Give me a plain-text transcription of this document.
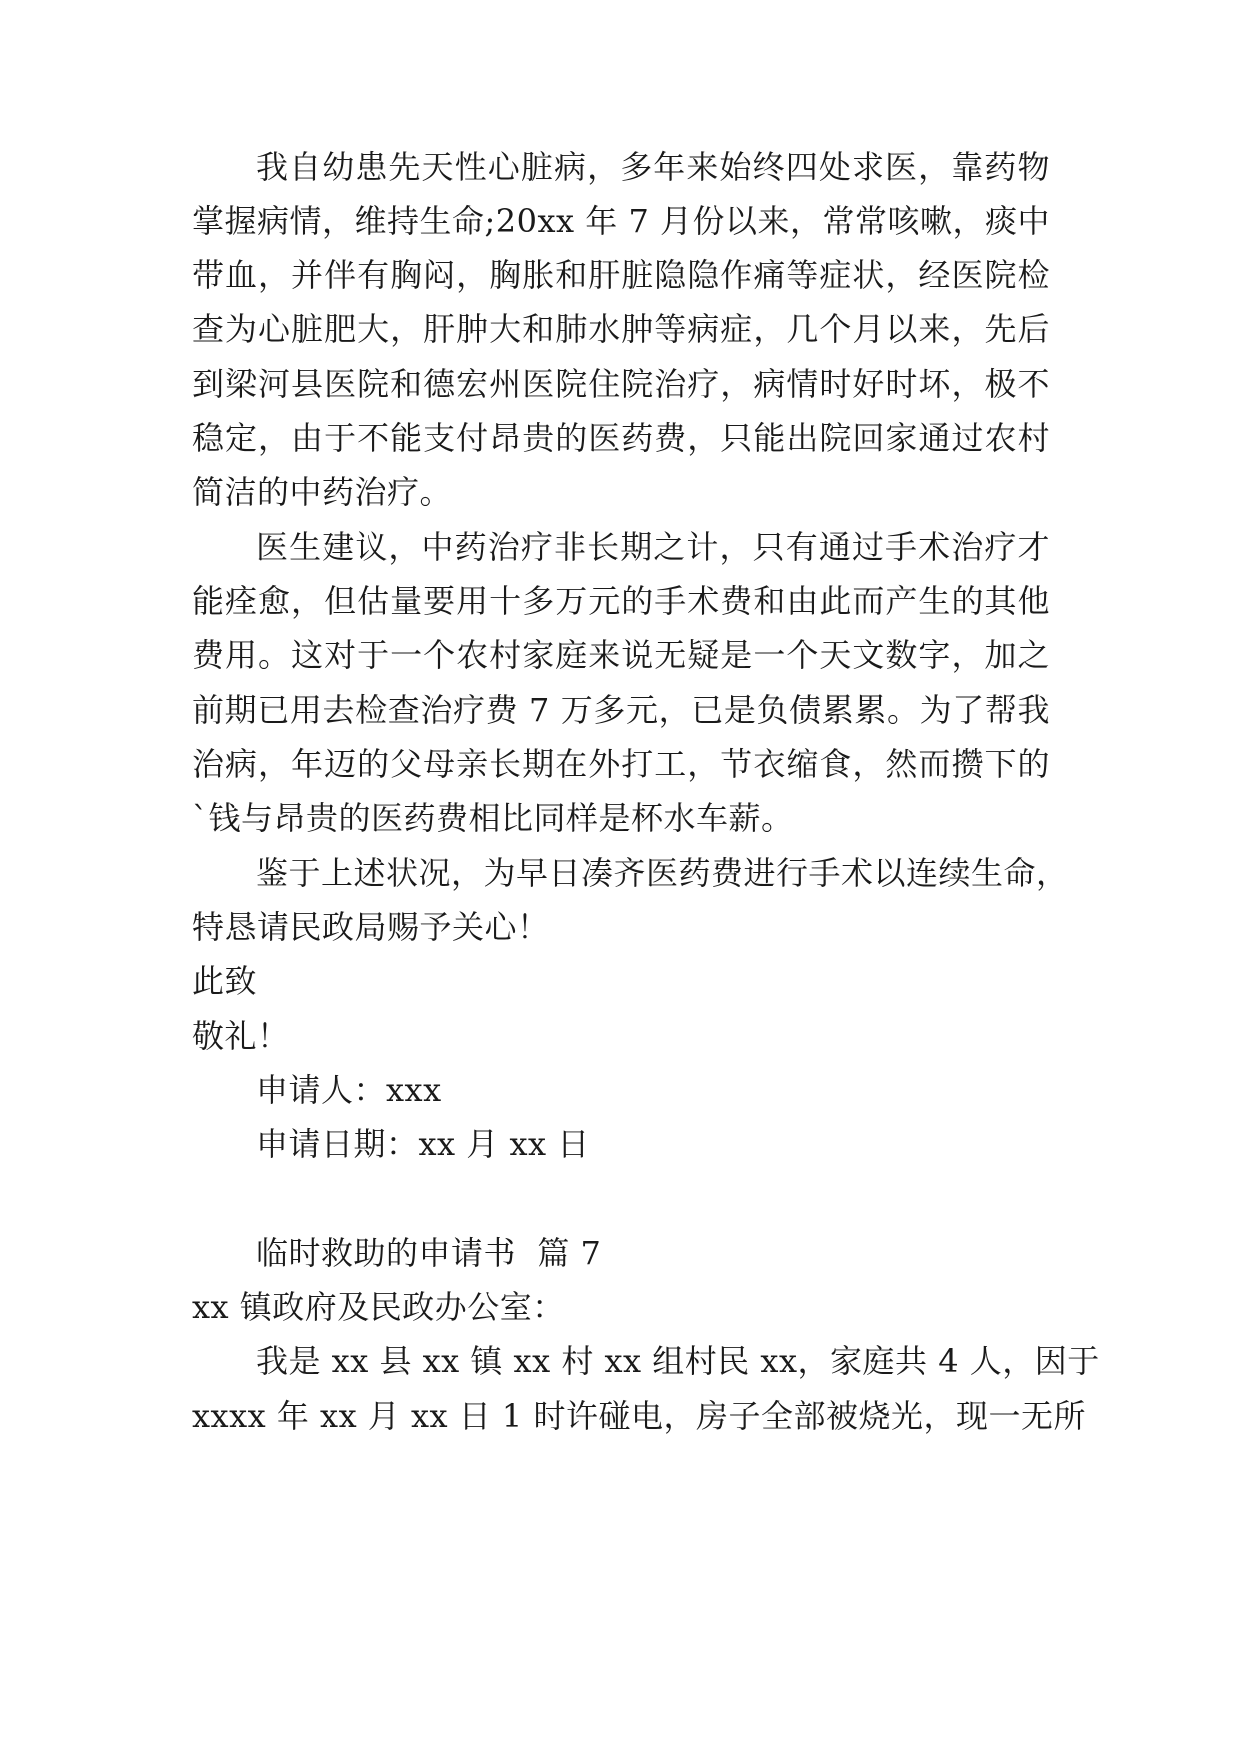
我自幼患先天性心脏病，多年来始终四处求医，靠药物
掌握病情，维持生命;20xx 年 7 月份以来，常常咳嗽，痰中
带血，并伴有胸闷，胸胀和肝脏隐隐作痛等症状，经医院检
查为心脏肥大，肝肿大和肺水肿等病症，几个月以来，先后
到梁河县医院和德宏州医院住院治疗，病情时好时坏，极不
稳定，由于不能支付昂贵的医药费，只能出院回家通过农村
简洁的中药治疗。
医生建议，中药治疗非长期之计，只有通过手术治疗才
能痊愈，但估量要用十多万元的手术费和由此而产生的其他
费用。这对于一个农村家庭来说无疑是一个天文数字，加之
前期已用去检查治疗费 7 万多元，已是负债累累。为了帮我
治病，年迈的父母亲长期在外打工，节衣缩食，然而攒下的
`钱与昂贵的医药费相比同样是杯水车薪。
鉴于上述状况，为早日凑齐医药费进行手术以连续生命，
特恳请民政局赐予关心！
此致
敬礼！
申请人：xxx
申请日期：xx 月 xx 日
临时救助的申请书  篇 7
xx 镇政府及民政办公室：
我是 xx 县 xx 镇 xx 村 xx 组村民 xx，家庭共 4 人，因于
xxxx 年 xx 月 xx 日 1 时许碰电，房子全部被烧光，现一无所
